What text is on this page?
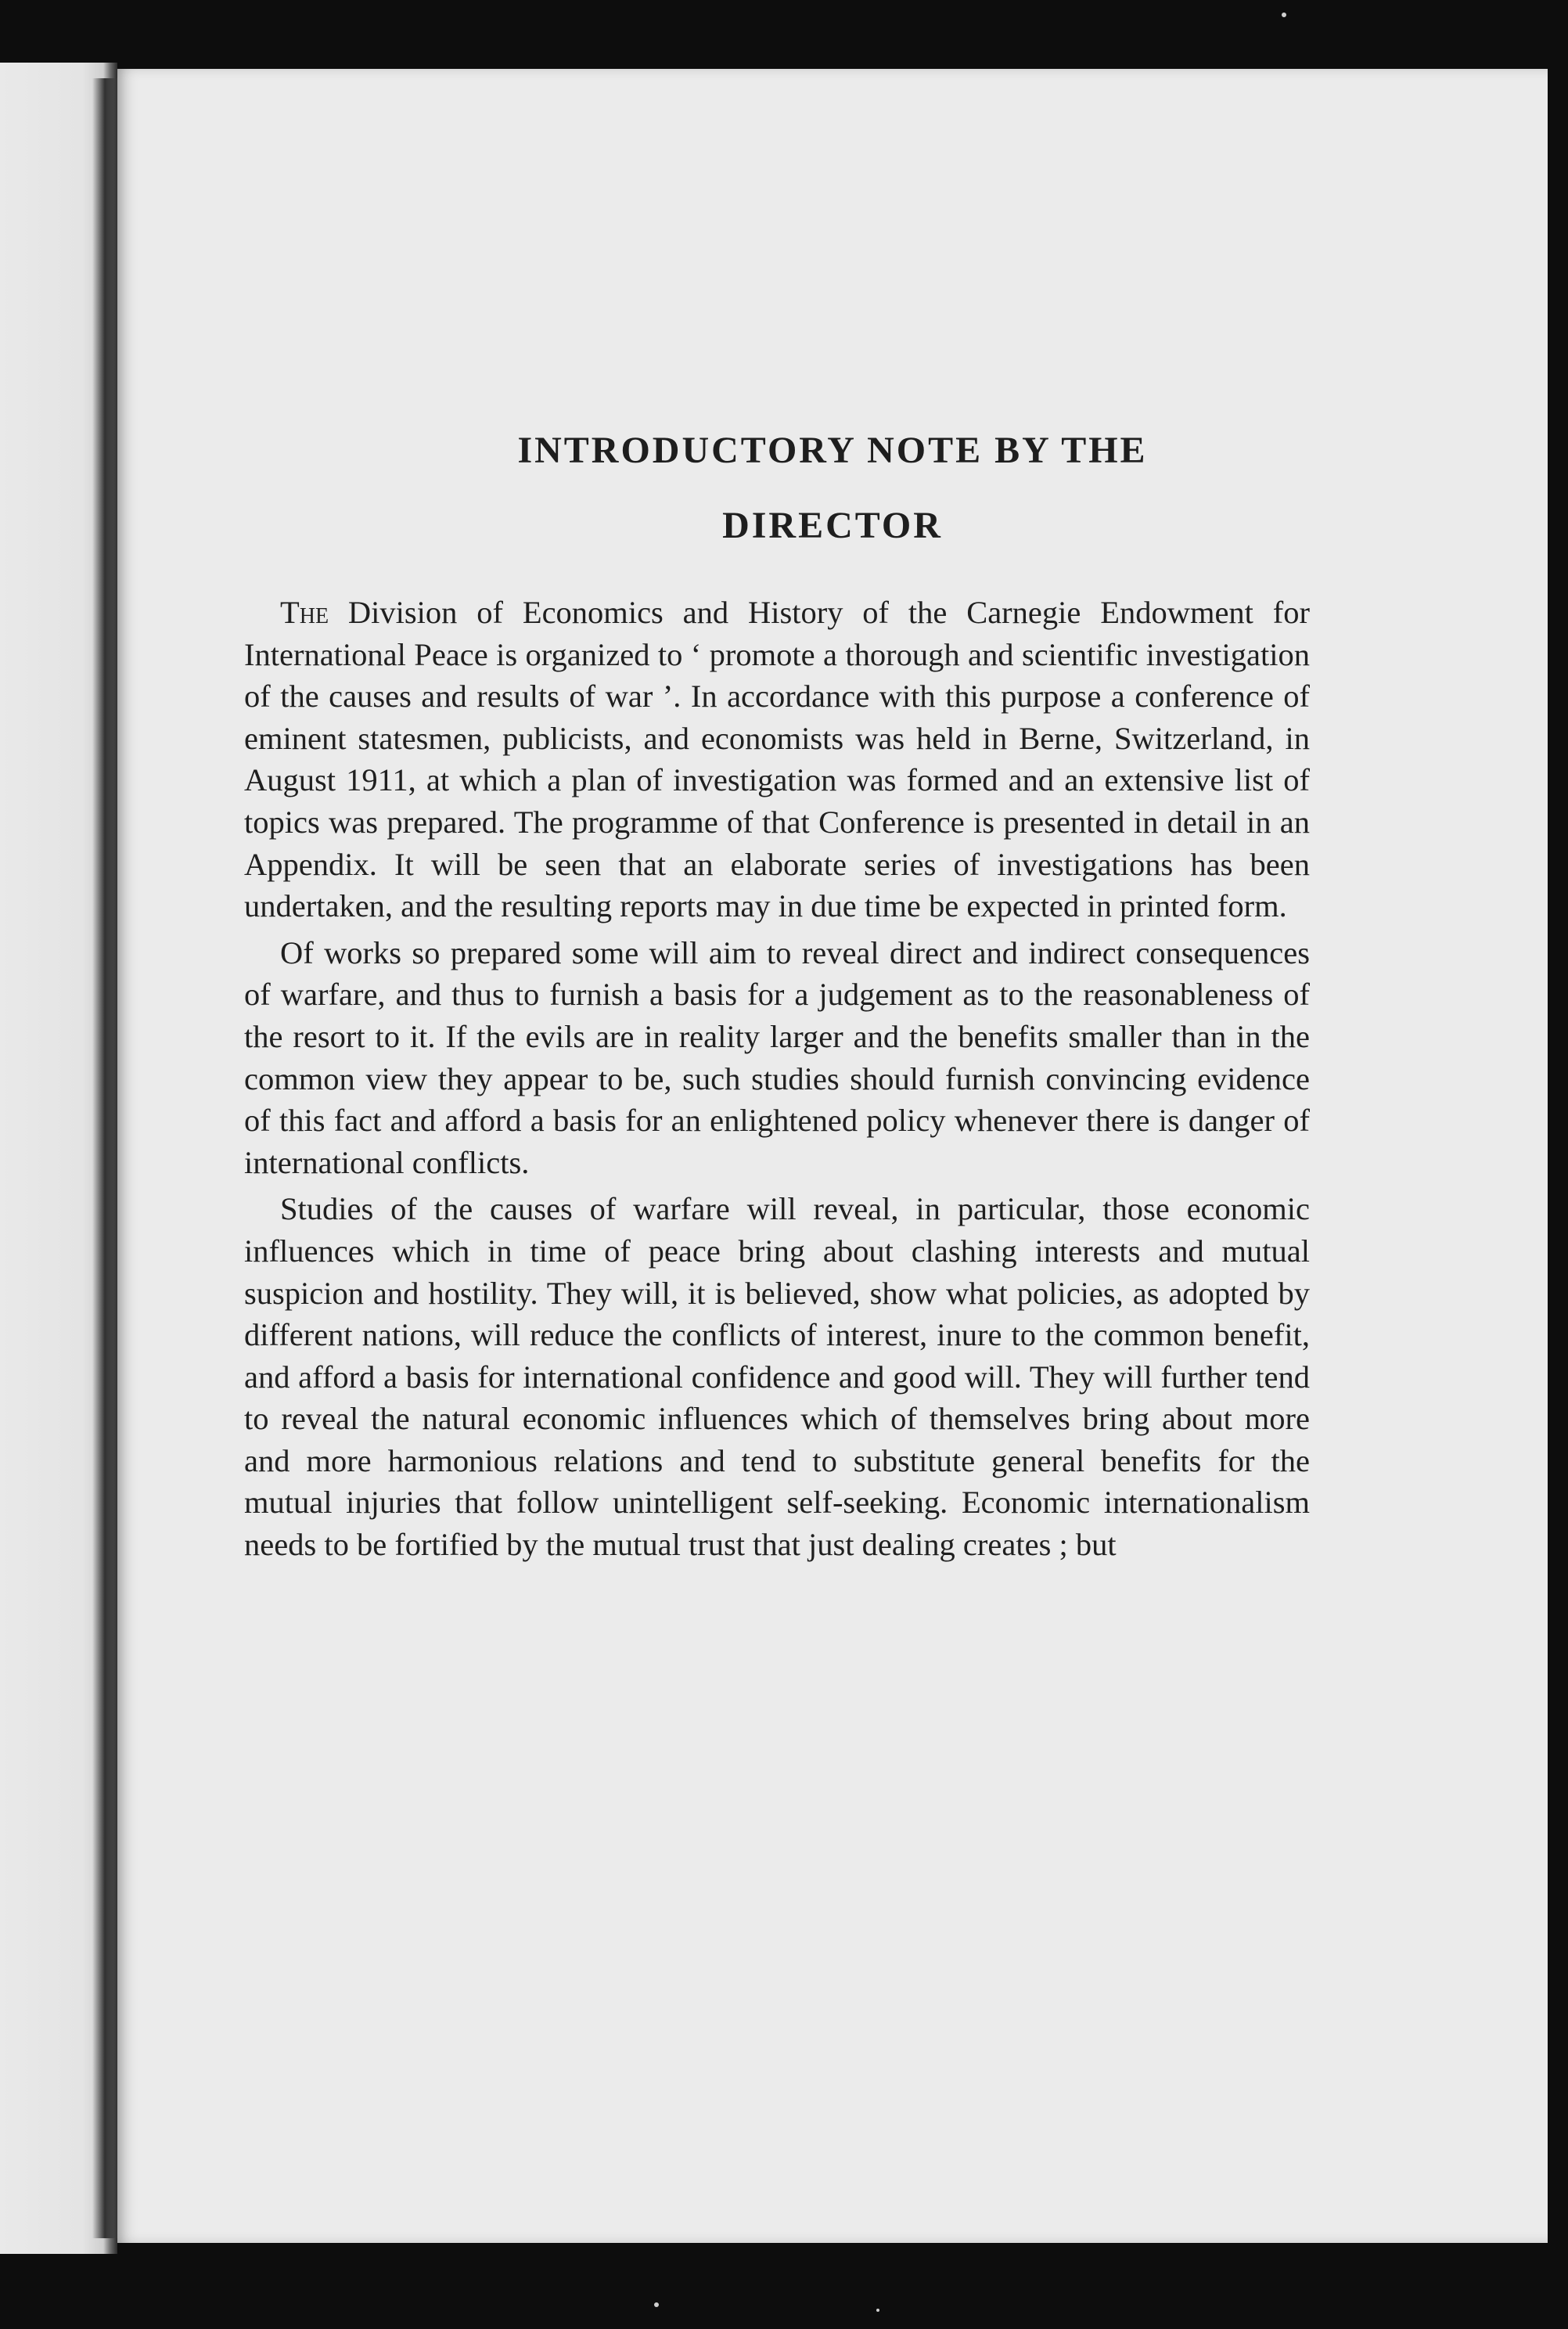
INTRODUCTORY NOTE BY THE
DIRECTOR

The Division of Economics and History of the Carnegie Endowment for International Peace is organized to ‘ promote a thorough and scientific investigation of the causes and results of war ’. In accordance with this purpose a conference of eminent statesmen, publicists, and economists was held in Berne, Switzerland, in August 1911, at which a plan of investigation was formed and an extensive list of topics was prepared. The programme of that Conference is presented in detail in an Appendix. It will be seen that an elaborate series of investigations has been undertaken, and the resulting reports may in due time be expected in printed form.

Of works so prepared some will aim to reveal direct and indirect consequences of warfare, and thus to furnish a basis for a judgement as to the reasonableness of the resort to it. If the evils are in reality larger and the benefits smaller than in the common view they appear to be, such studies should furnish convincing evidence of this fact and afford a basis for an enlightened policy whenever there is danger of international conflicts.

Studies of the causes of warfare will reveal, in particular, those economic influences which in time of peace bring about clashing interests and mutual suspicion and hostility. They will, it is believed, show what policies, as adopted by different nations, will reduce the conflicts of interest, inure to the common benefit, and afford a basis for international confidence and good will. They will further tend to reveal the natural economic influences which of themselves bring about more and more harmonious relations and tend to substitute general benefits for the mutual injuries that follow unintelligent self-seeking. Economic internationalism needs to be fortified by the mutual trust that just dealing creates ; but
